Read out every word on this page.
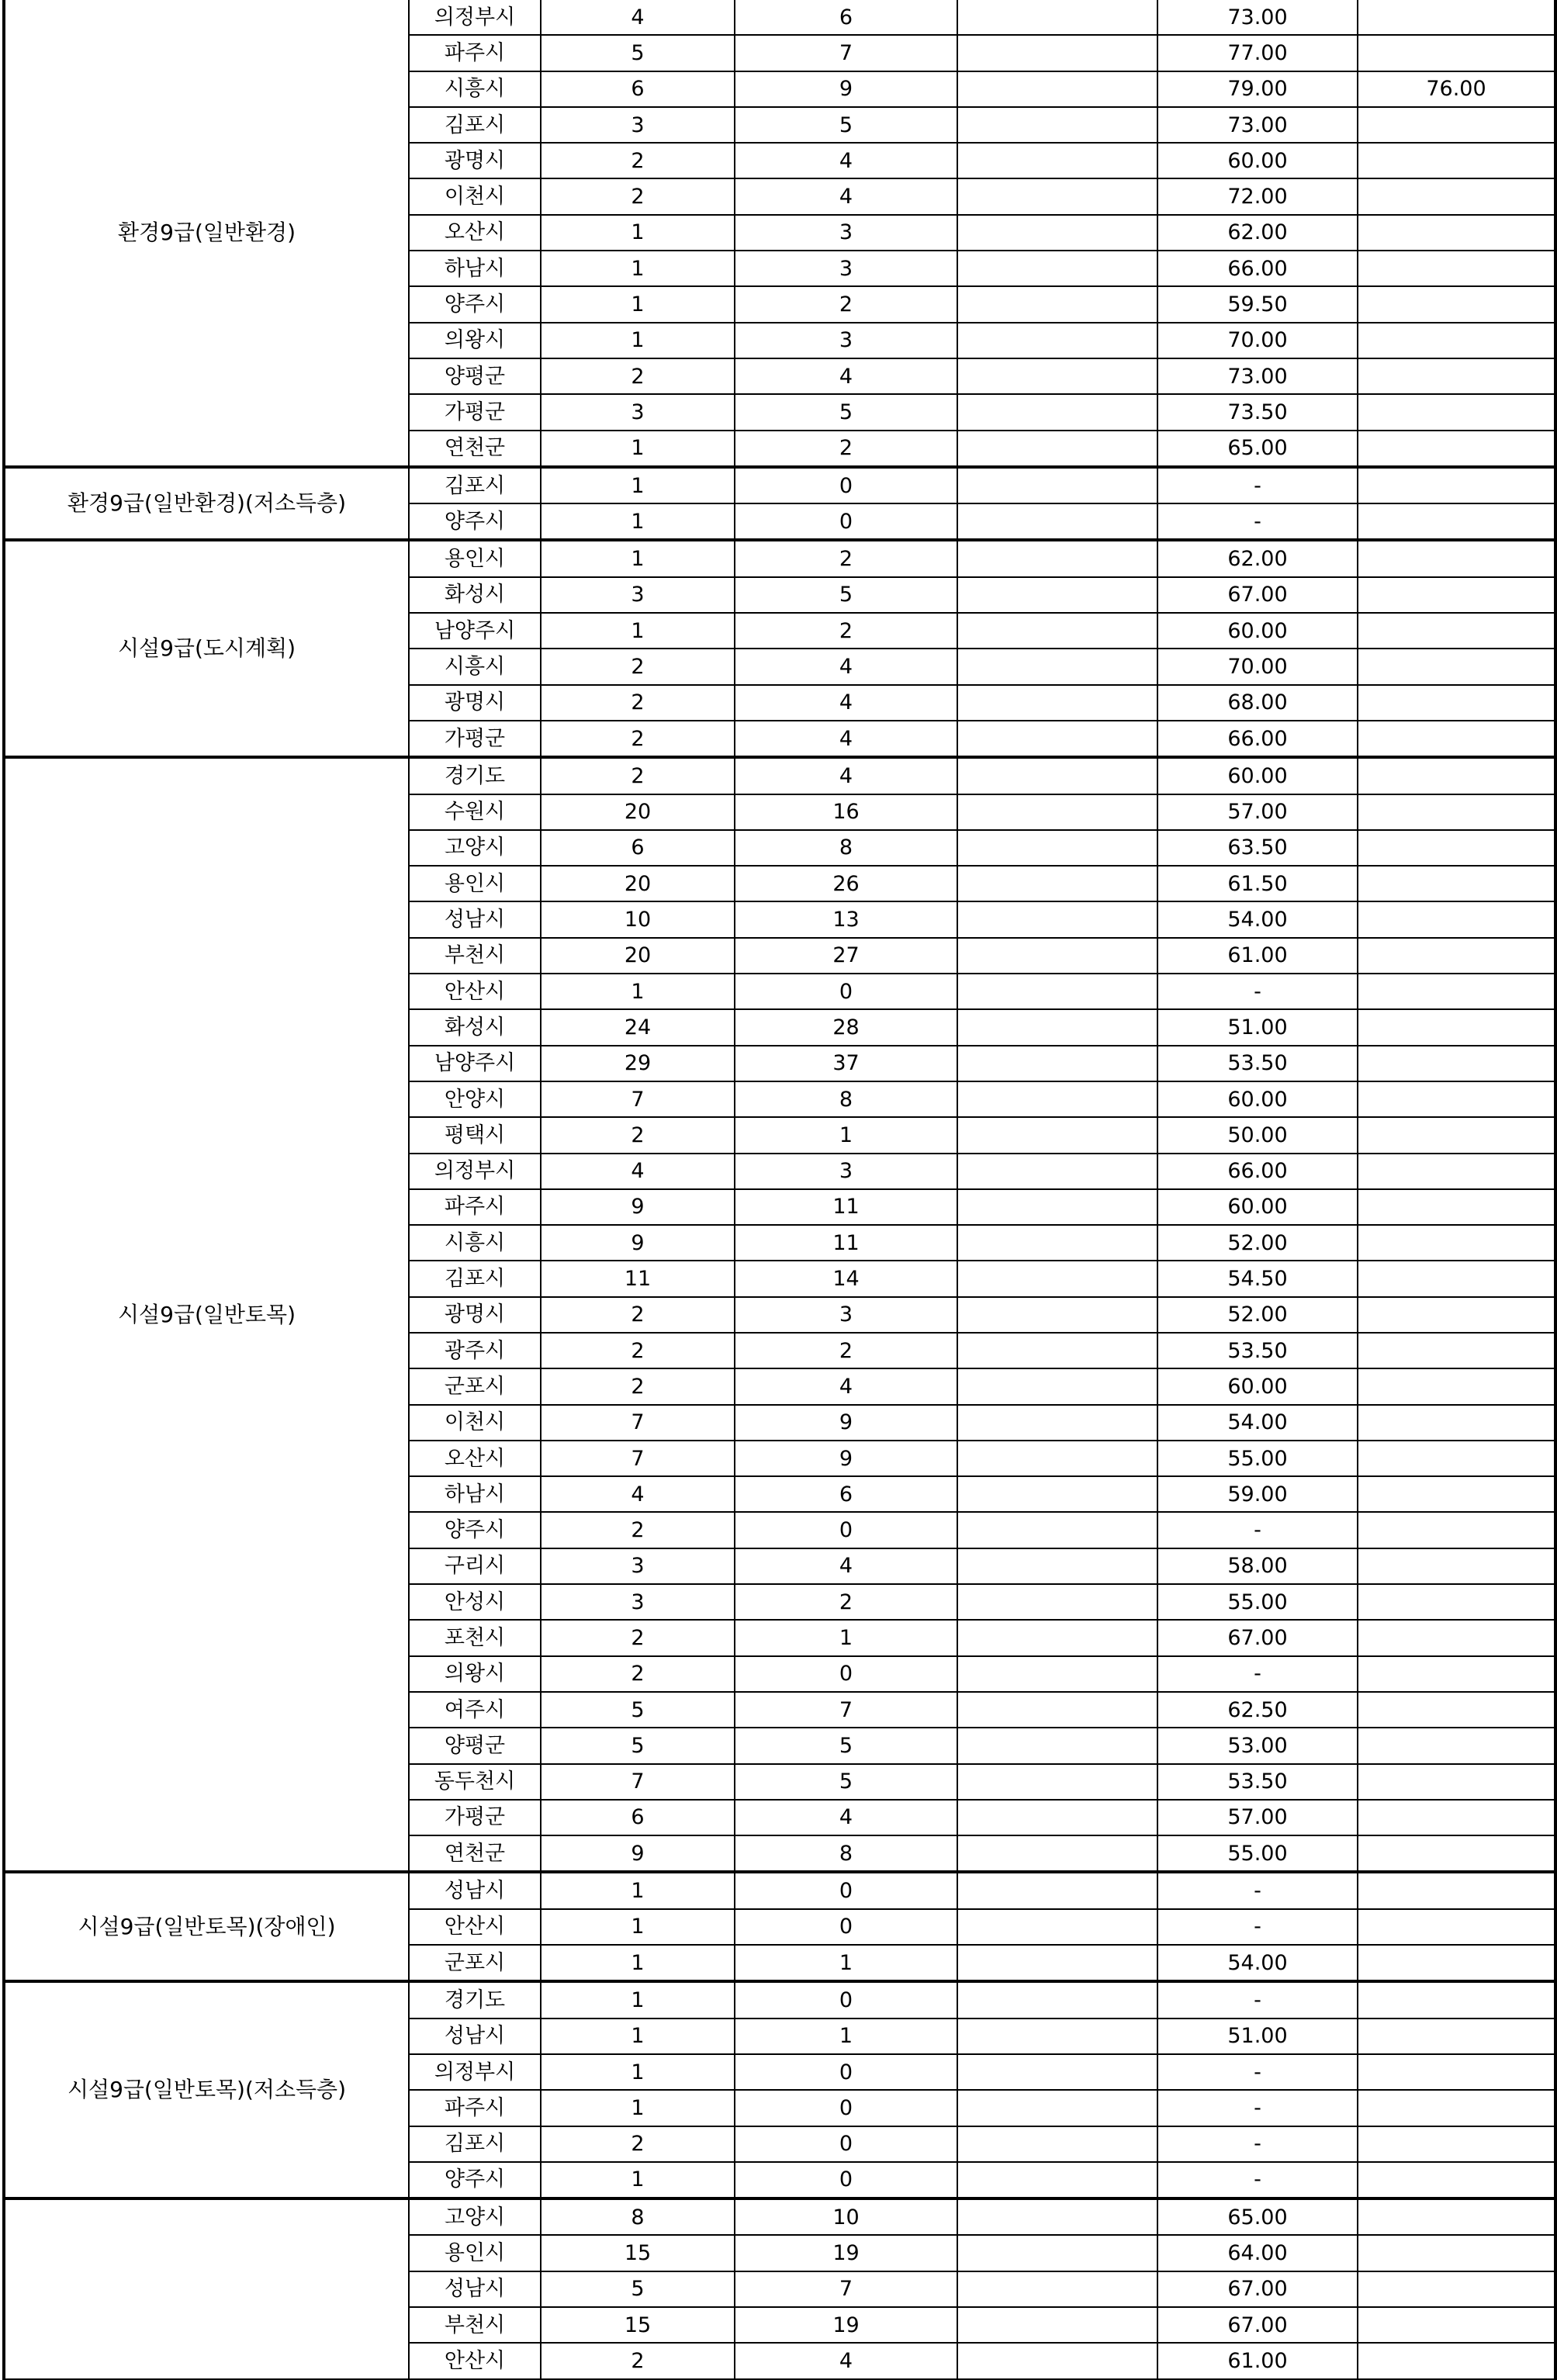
환경9급(일반환경)	의정부시	4	6		73.00	
	파주시	5	7		77.00	
	시흥시	6	9		79.00	76.00
	김포시	3	5		73.00	
	광명시	2	4		60.00	
	이천시	2	4		72.00	
	오산시	1	3		62.00	
	하남시	1	3		66.00	
	양주시	1	2		59.50	
	의왕시	1	3		70.00	
	양평군	2	4		73.00	
	가평군	3	5		73.50	
	연천군	1	2		65.00	
환경9급(일반환경)(저소득층)	김포시	1	0		-	
	양주시	1	0		-	
시설9급(도시계획)	용인시	1	2		62.00	
	화성시	3	5		67.00	
	남양주시	1	2		60.00	
	시흥시	2	4		70.00	
	광명시	2	4		68.00	
	가평군	2	4		66.00	
시설9급(일반토목)	경기도	2	4		60.00	
	수원시	20	16		57.00	
	고양시	6	8		63.50	
	용인시	20	26		61.50	
	성남시	10	13		54.00	
	부천시	20	27		61.00	
	안산시	1	0		-	
	화성시	24	28		51.00	
	남양주시	29	37		53.50	
	안양시	7	8		60.00	
	평택시	2	1		50.00	
	의정부시	4	3		66.00	
	파주시	9	11		60.00	
	시흥시	9	11		52.00	
	김포시	11	14		54.50	
	광명시	2	3		52.00	
	광주시	2	2		53.50	
	군포시	2	4		60.00	
	이천시	7	9		54.00	
	오산시	7	9		55.00	
	하남시	4	6		59.00	
	양주시	2	0		-	
	구리시	3	4		58.00	
	안성시	3	2		55.00	
	포천시	2	1		67.00	
	의왕시	2	0		-	
	여주시	5	7		62.50	
	양평군	5	5		53.00	
	동두천시	7	5		53.50	
	가평군	6	4		57.00	
	연천군	9	8		55.00	
시설9급(일반토목)(장애인)	성남시	1	0		-	
	안산시	1	0		-	
	군포시	1	1		54.00	
시설9급(일반토목)(저소득층)	경기도	1	0		-	
	성남시	1	1		51.00	
	의정부시	1	0		-	
	파주시	1	0		-	
	김포시	2	0		-	
	양주시	1	0		-	
	고양시	8	10		65.00	
	용인시	15	19		64.00	
	성남시	5	7		67.00	
	부천시	15	19		67.00	
	안산시	2	4		61.00	
